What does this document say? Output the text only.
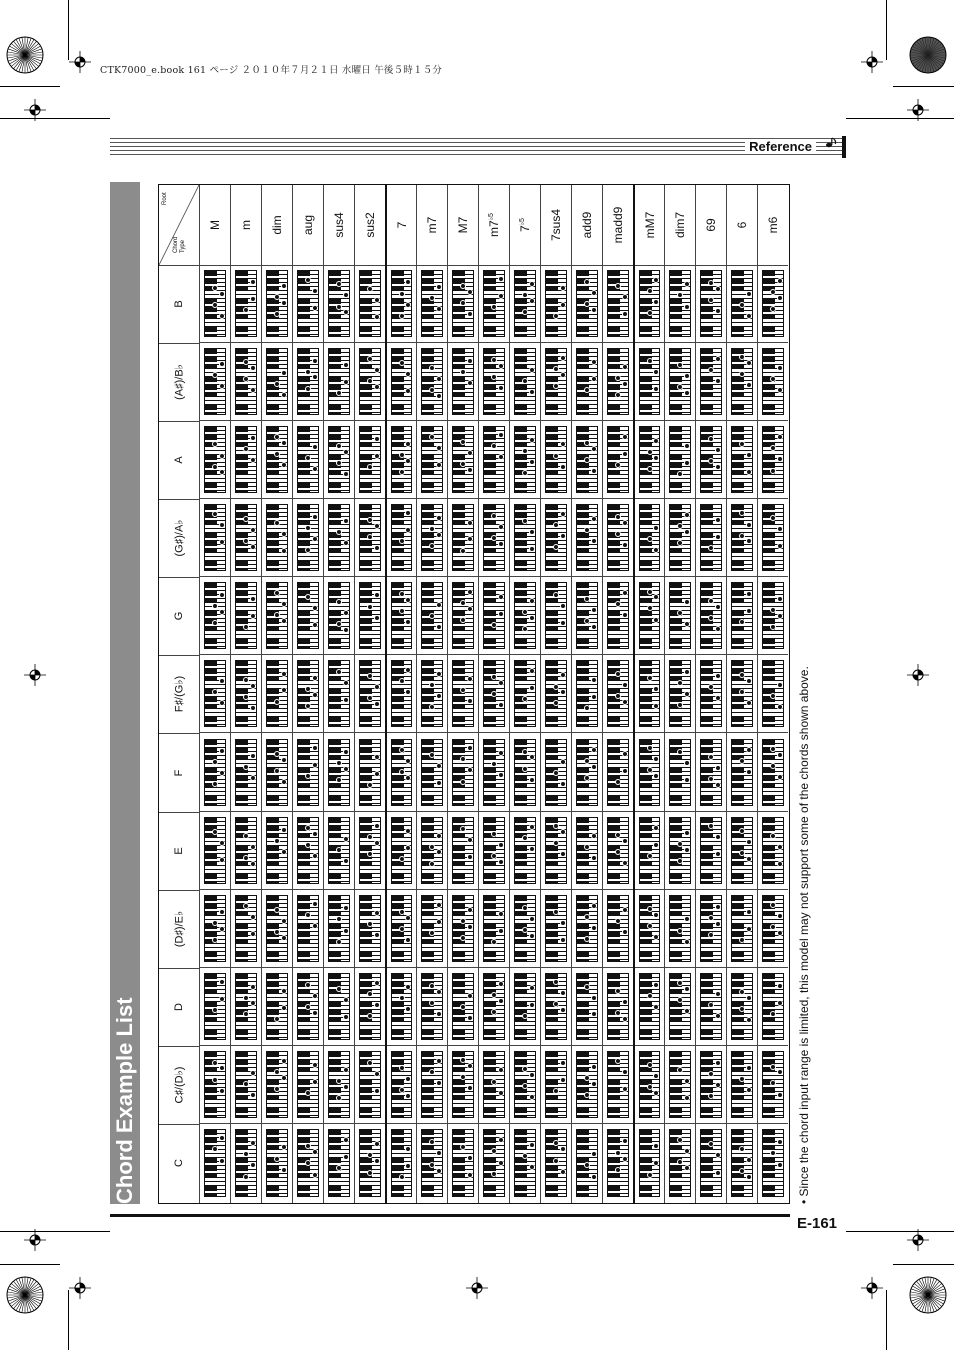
CTK7000_e.book 161 ページ ２０１０年７月２１日 水曜日 午後５時１５分
Reference
Chord Example List
Root
Chord Type
C
C♯/(D♭)
D
(D♯)/E♭
E
F
F♯/(G♭)
G
(G♯)/A♭
A
(A♯)/B♭
B
M m dim aug sus4 sus2 7 m7 M7 $m7^{♭5}$
$7^{♭5}$	7sus4 add9 madd9 mM7 dim7 69 6 m6
• Since the chord input range is limited, this model may not support some of the chords shown above.
E-161
